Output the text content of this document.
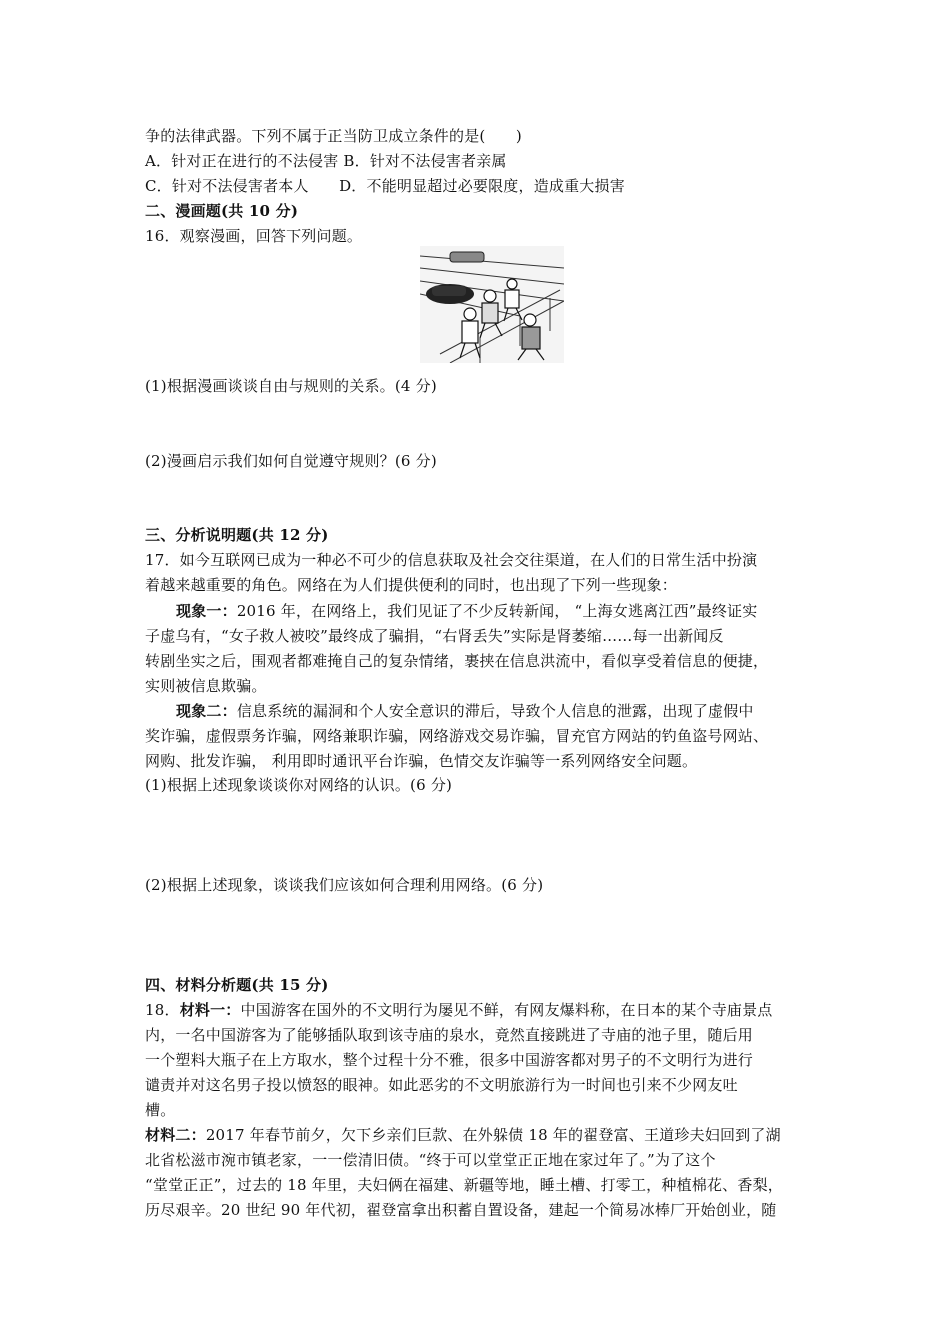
争的法律武器。下列不属于正当防卫成立条件的是(　　)
A．针对正在进行的不法侵害 B．针对不法侵害者亲属
C．针对不法侵害者本人　　D．不能明显超过必要限度，造成重大损害
二、漫画题(共 10 分)
16．观察漫画，回答下列问题。
(1)根据漫画谈谈自由与规则的关系。(4 分)
(2)漫画启示我们如何自觉遵守规则？(6 分)
三、分析说明题(共 12 分)
17．如今互联网已成为一种必不可少的信息获取及社会交往渠道，在人们的日常生活中扮演
着越来越重要的角色。网络在为人们提供便利的同时，也出现了下列一些现象：
现象一：2016 年，在网络上，我们见证了不少反转新闻， “上海女逃离江西”最终证实
子虚乌有，“女子救人被咬”最终成了骗捐，“右肾丢失”实际是肾萎缩……每一出新闻反
转剧坐实之后，围观者都难掩自己的复杂情绪，裹挟在信息洪流中，看似享受着信息的便捷，
实则被信息欺骗。
现象二：信息系统的漏洞和个人安全意识的滞后，导致个人信息的泄露，出现了虚假中
奖诈骗，虚假票务诈骗，网络兼职诈骗，网络游戏交易诈骗，冒充官方网站的钓鱼盗号网站、
网购、批发诈骗， 利用即时通讯平台诈骗，色情交友诈骗等一系列网络安全问题。
(1)根据上述现象谈谈你对网络的认识。(6 分)
(2)根据上述现象，谈谈我们应该如何合理利用网络。(6 分)
四、材料分析题(共 15 分)
18．材料一：中国游客在国外的不文明行为屡见不鲜，有网友爆料称，在日本的某个寺庙景点
内，一名中国游客为了能够插队取到该寺庙的泉水，竟然直接跳进了寺庙的池子里，随后用
一个塑料大瓶子在上方取水，整个过程十分不雅，很多中国游客都对男子的不文明行为进行
谴责并对这名男子投以愤怒的眼神。如此恶劣的不文明旅游行为一时间也引来不少网友吐
槽。
材料二：2017 年春节前夕，欠下乡亲们巨款、在外躲债 18 年的翟登富、王道珍夫妇回到了湖
北省松滋市涴市镇老家，一一偿清旧债。“终于可以堂堂正正地在家过年了。”为了这个
“堂堂正正”，过去的 18 年里，夫妇俩在福建、新疆等地，睡土槽、打零工，种植棉花、香梨，
历尽艰辛。20 世纪 90 年代初，翟登富拿出积蓄自置设备，建起一个简易冰棒厂开始创业，随
